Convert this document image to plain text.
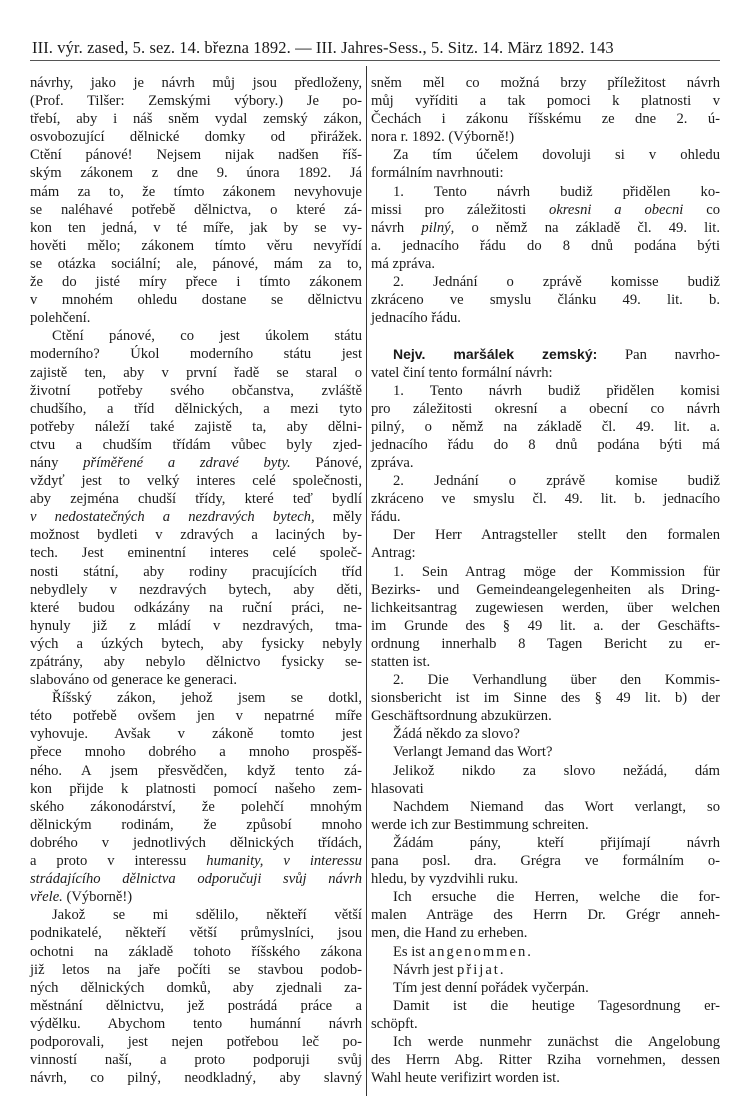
III. výr. zased, 5. sez. 14. března 1892. — III. Jahres-Sess., 5. Sitz. 14. März 1892. 143
návrhy, jako je návrh můj jsou předloženy,
(Prof. Tilšer: Zemskými výbory.) Je po-
třebí, aby i náš sněm vydal zemský zákon,
osvobozující dělnické domky od přirážek.
Ctění pánové! Nejsem nijak nadšen říš-
ským zákonem z dne 9. února 1892. Já
mám za to, že tímto zákonem nevyhovuje
se naléhavé potřebě dělnictva, o které zá-
kon ten jedná, v té míře, jak by se vy-
hověti mělo; zákonem tímto věru nevyřídí
se otázka sociální; ale, pánové, mám za to,
že do jisté míry přece i tímto zákonem
v mnohém ohledu dostane se dělnictvu
polehčení.
Ctění pánové, co jest úkolem státu
moderního? Úkol moderního státu jest
zajistě ten, aby v první řadě se staral o
životní potřeby svého občanstva, zvláště
chudšího, a tříd dělnických, a mezi tyto
potřeby náleží také zajistě ta, aby dělni-
ctvu a chudším třídám vůbec byly zjed-
nány příměřené a zdravé byty. Pánové,
vždyť jest to velký interes celé společnosti,
aby zejména chudší třídy, které teď bydlí
v nedostatečných a nezdravých bytech, měly
možnost bydleti v zdravých a laciných by-
tech. Jest eminentní interes celé společ-
nosti státní, aby rodiny pracujících tříd
nebydlely v nezdravých bytech, aby děti,
které budou odkázány na ruční práci, ne-
hynuly již z mládí v nezdravých, tma-
vých a úzkých bytech, aby fysicky nebyly
zpátrány, aby nebylo dělnictvo fysicky se-
slabováno od generace ke generaci.
Říšský zákon, jehož jsem se dotkl,
této potřebě ovšem jen v nepatrné míře
vyhovuje. Avšak v zákoně tomto jest
přece mnoho dobrého a mnoho prospěš-
ného. A jsem přesvědčen, když tento zá-
kon přijde k platnosti pomocí našeho zem-
ského zákonodárství, že polehčí mnohým
dělnickým rodinám, že způsobí mnoho
dobrého v jednotlivých dělnických třídách,
a proto v interessu humanity, v interessu
strádajícího dělnictva odporučuji svůj návrh
vřele. (Výborně!)
Jakož se mi sdělilo, někteří větší
podnikatelé, někteří větší průmyslníci, jsou
ochotni na základě tohoto říšského zákona
již letos na jaře počíti se stavbou podob-
ných dělnických domků, aby zjednali za-
městnání dělnictvu, jež postrádá práce a
výdělku. Abychom tento humánní návrh
podporovali, jest nejen potřebou leč po-
vinností naší, a proto podporuji svůj
návrh, co pilný, neodkladný, aby slavný
sněm měl co možná brzy příležitost návrh
můj vyříditi a tak pomoci k platnosti v
Čechách i zákonu říšskému ze dne 2. ú-
nora r. 1892. (Výborně!)
Za tím účelem dovoluji si v ohledu
formálním navrhnouti:
1. Tento návrh budiž přidělen ko-
missi pro záležitosti okresni a obecni co
návrh pilný, o němž na základě čl. 49. lit.
a. jednacího řádu do 8 dnů podána býti
má zpráva.
2. Jednání o zprávě komisse budiž
zkráceno ve smyslu článku 49. lit. b.
jednacího řádu.
Nejv. maršálek zemský: Pan navrho-
vatel činí tento formální návrh:
1. Tento návrh budiž přidělen komisi
pro záležitosti okresní a obecní co návrh
pilný, o němž na základě čl. 49. lit. a.
jednacího řádu do 8 dnů podána býti má
zpráva.
2. Jednání o zprávě komise budiž
zkráceno ve smyslu čl. 49. lit. b. jednacího
řádu.
Der Herr Antragsteller stellt den formalen
Antrag:
1. Sein Antrag möge der Kommission für
Bezirks- und Gemeindeangelegenheiten als Dring-
lichkeitsantrag zugewiesen werden, über welchen
im Grunde des § 49 lit. a. der Geschäfts-
ordnung innerhalb 8 Tagen Bericht zu er-
statten ist.
2. Die Verhandlung über den Kommis-
sionsbericht ist im Sinne des § 49 lit. b) der
Geschäftsordnung abzukürzen.
Žádá někdo za slovo?
Verlangt Jemand das Wort?
Jelikož nikdo za slovo nežádá, dám
hlasovati
Nachdem Niemand das Wort verlangt, so
werde ich zur Bestimmung schreiten.
Žádám pány, kteří přijímají návrh
pana posl. dra. Grégra ve formálním o-
hledu, by vyzdvihli ruku.
Ich ersuche die Herren, welche die for-
malen Anträge des Herrn Dr. Grégr anneh-
men, die Hand zu erheben.
Es ist angenommen.
Návrh jest přijat.
Tím jest denní pořádek vyčerpán.
Damit ist die heutige Tagesordnung er-
schöpft.
Ich werde nunmehr zunächst die Angelobung
des Herrn Abg. Ritter Rziha vornehmen, dessen
Wahl heute verifizirt worden ist.
